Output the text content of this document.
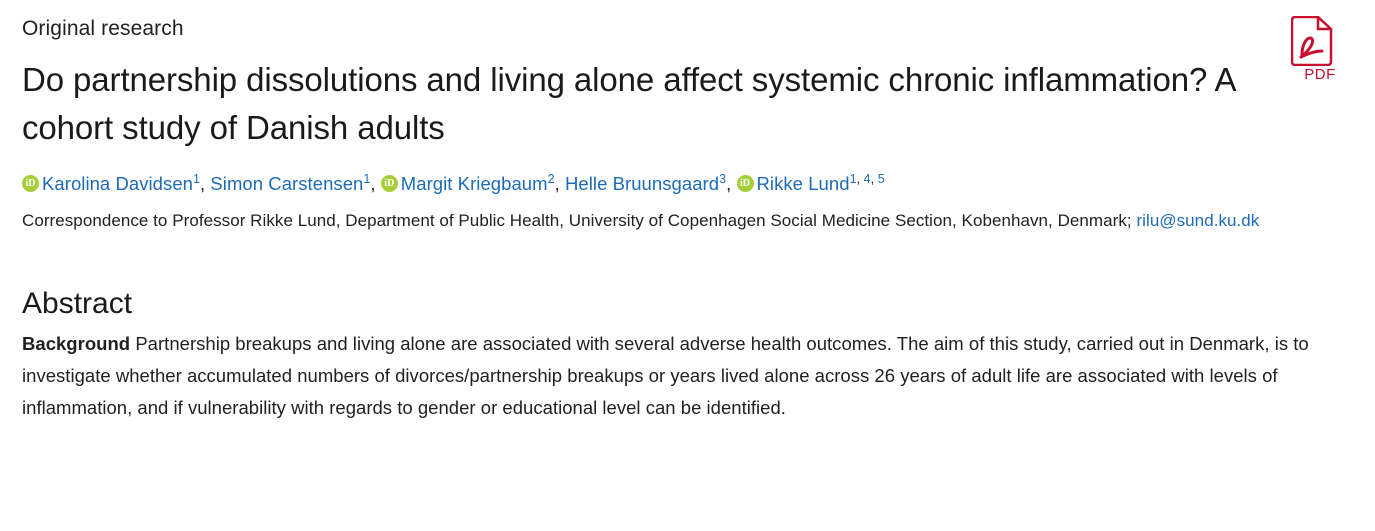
Original research
Do partnership dissolutions and living alone affect systemic chronic inflammation? A cohort study of Danish adults
iDKarolina Davidsen$^1$, Simon Carstensen$^1$, iDMargit Kriegbaum$^2$, Helle Bruunsgaard$^3$, iDRikke Lund$^{1,}$ $^{4,}$ $^5$

Correspondence to Professor Rikke Lund, Department of Public Health, University of Copenhagen Social Medicine Section, Kobenhavn, Denmark; rilu@sund.ku.dk

Abstract

Background Partnership breakups and living alone are associated with several adverse health outcomes. The aim of this study, carried out in Denmark, is to investigate whether accumulated numbers of divorces/partnership breakups or years lived alone across 26 years of adult life are associated with levels of inflammation, and if vulnerability with regards to gender or educational level can be identified.

PDF
